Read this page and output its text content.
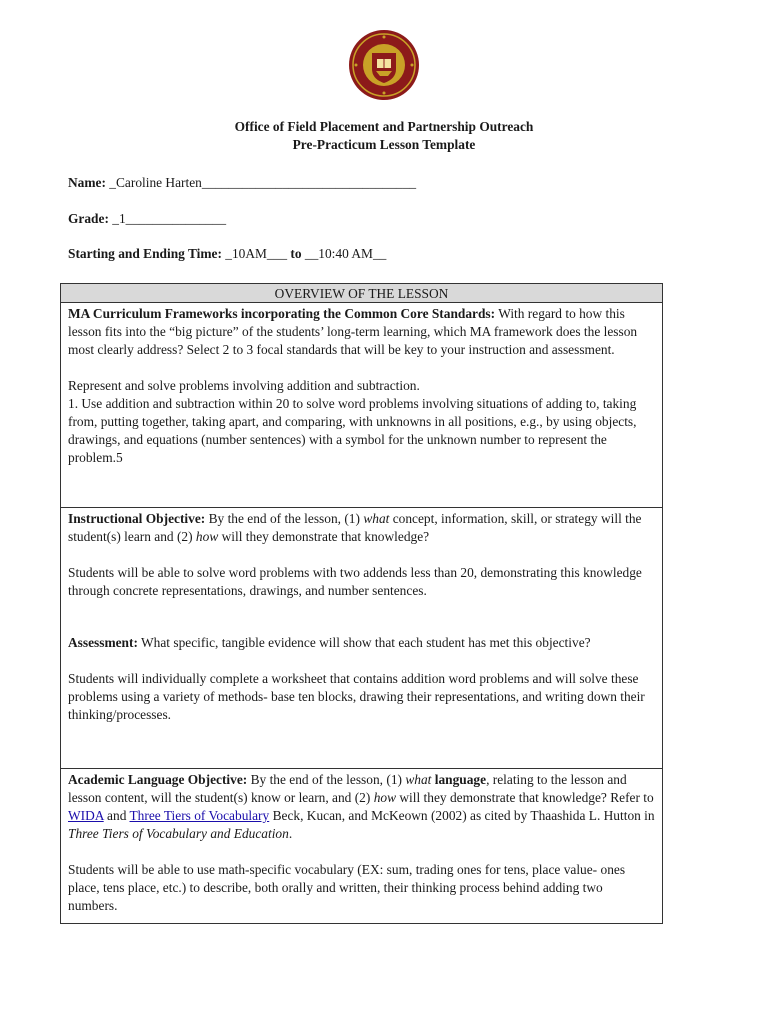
Office of Field Placement and Partnership Outreach
Pre-Practicum Lesson Template
Name: _Caroline Harten________________________________
Grade: _1_______________
Starting and Ending Time: _10AM___ to __10:40 AM__
OVERVIEW OF THE LESSON

MA Curriculum Frameworks incorporating the Common Core Standards: With regard to how this lesson fits into the “big picture” of the students’ long-term learning, which MA framework does the lesson most clearly address? Select 2 to 3 focal standards that will be key to your instruction and assessment.

Represent and solve problems involving addition and subtraction.

1. Use addition and subtraction within 20 to solve word problems involving situations of adding to, taking from, putting together, taking apart, and comparing, with unknowns in all positions, e.g., by using objects, drawings, and equations (number sentences) with a symbol for the unknown number to represent the problem.5

Instructional Objective: By the end of the lesson, (1) what concept, information, skill, or strategy will the student(s) learn and (2) how will they demonstrate that knowledge?

Students will be able to solve word problems with two addends less than 20, demonstrating this knowledge through concrete representations, drawings, and number sentences.

Assessment: What specific, tangible evidence will show that each student has met this objective?

Students will individually complete a worksheet that contains addition word problems and will solve these problems using a variety of methods- base ten blocks, drawing their representations, and writing down their thinking/processes.

Academic Language Objective: By the end of the lesson, (1) what language, relating to the lesson and lesson content, will the student(s) know or learn, and (2) how will they demonstrate that knowledge? Refer to WIDA and Three Tiers of Vocabulary Beck, Kucan, and McKeown (2002) as cited by Thaashida L. Hutton in Three Tiers of Vocabulary and Education.

Students will be able to use math-specific vocabulary (EX: sum, trading ones for tens, place value- ones place, tens place, etc.) to describe, both orally and written, their thinking process behind adding two numbers.
